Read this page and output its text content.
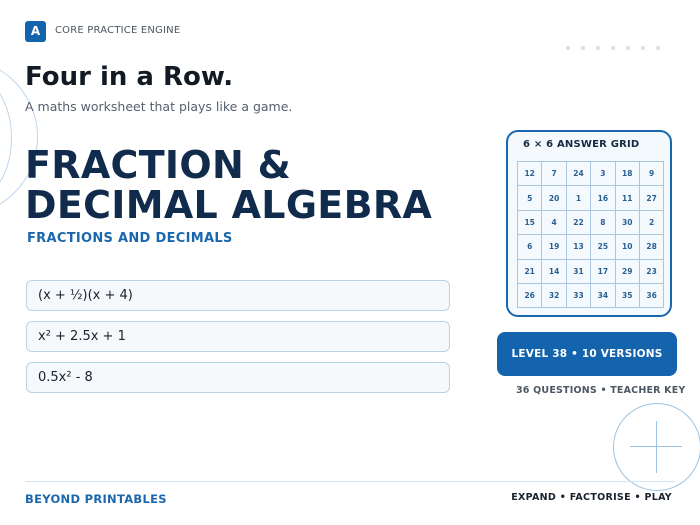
A	CORE PRACTICE ENGINE
Four in a Row.
A maths worksheet that plays like a game.
FRACTION &
DECIMAL ALGEBRA
FRACTIONS AND DECIMALS
(x + ½)(x + 4)
x² + 2.5x + 1
0.5x² - 8
6 × 6 ANSWER GRID
12	7	24	3	18	9
5	20	1	16	11	27
15	4	22	8	30	2
6	19	13	25	10	28
21	14	31	17	29	23
26	32	33	34	35	36
LEVEL 38 • 10 VERSIONS
36 QUESTIONS • TEACHER KEY
BEYOND PRINTABLES	EXPAND • FACTORISE • PLAY
